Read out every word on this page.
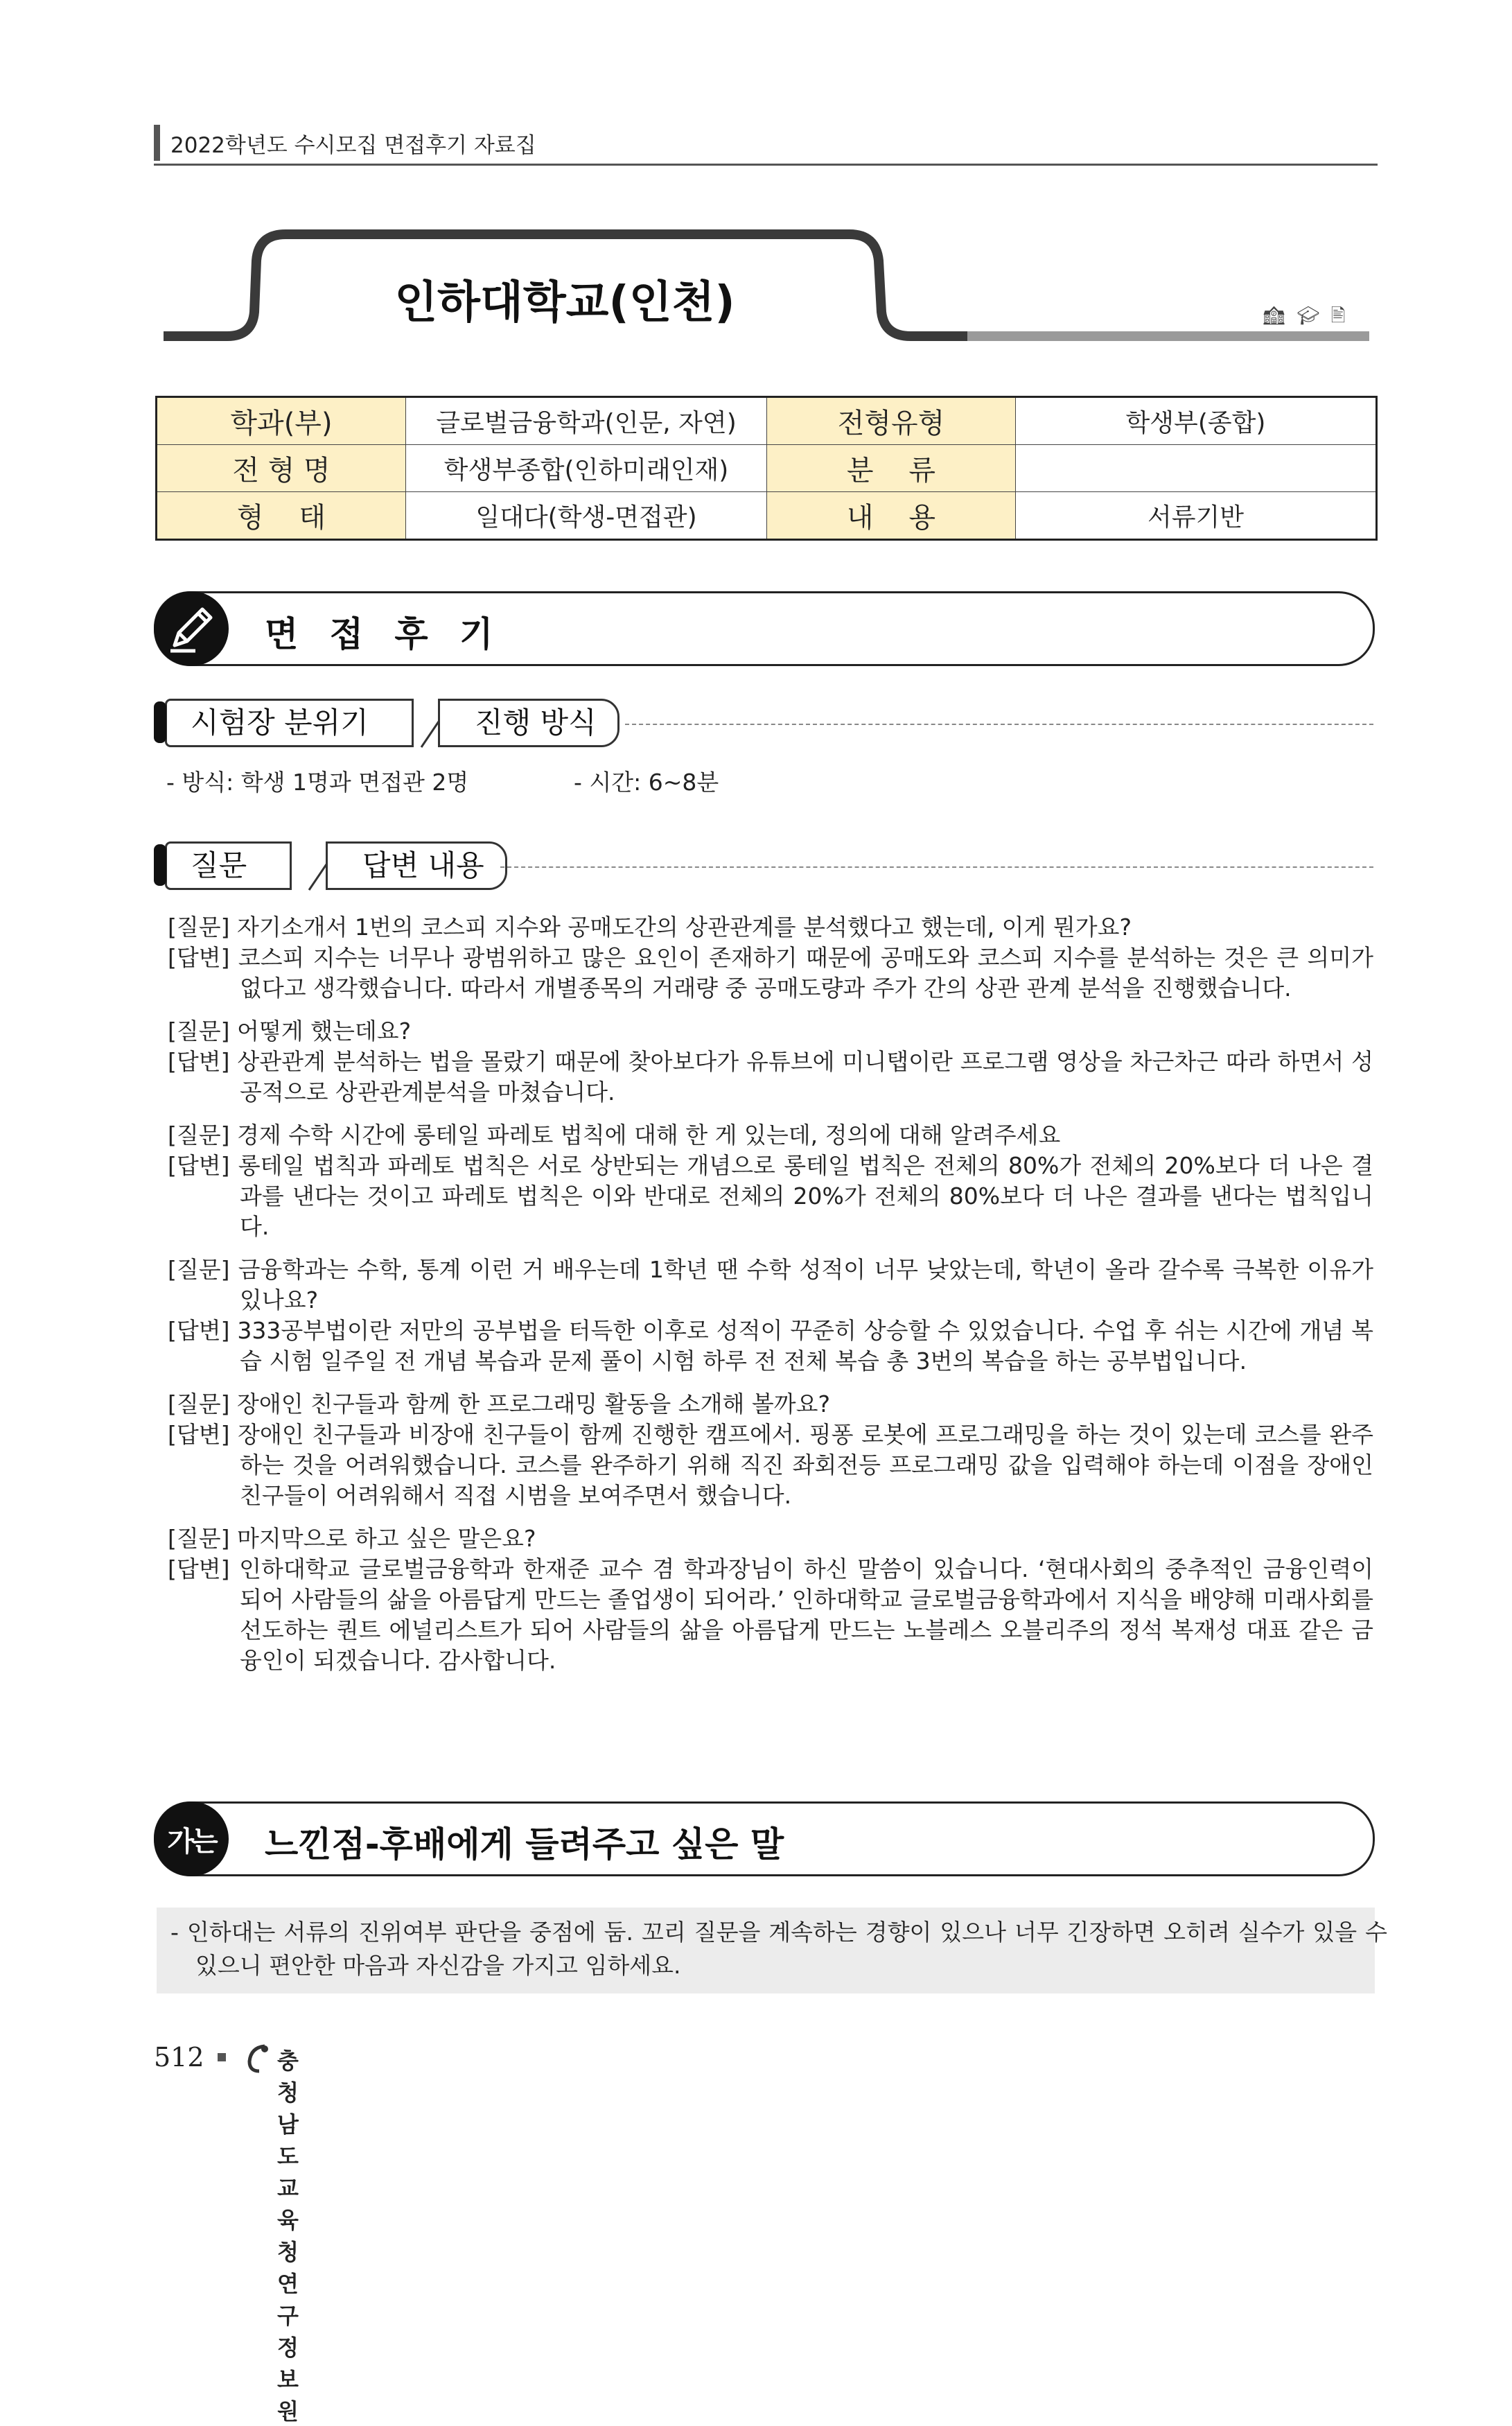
2022학년도 수시모집 면접후기 자료집
인하대학교(인천)	🏫︎ 🎓︎ 🖹
학과(부)	글로벌금융학과(인문, 자연)	전형유형	학생부(종합)
전 형 명	학생부종합(인하미래인재)	분    류	
형    태	일대다(학생-면접관)	내    용	서류기반
면 접 후 기
시험장 분위기	진행 방식
- 방식: 학생 1명과 면접관 2명	- 시간: 6~8분
질문	답변 내용

[질문] 자기소개서 1번의 코스피 지수와 공매도간의 상관관계를 분석했다고 했는데, 이게 뭔가요?

[답변] 코스피 지수는 너무나 광범위하고 많은 요인이 존재하기 때문에 공매도와 코스피 지수를 분석하는 것은 큰 의미가 없다고 생각했습니다. 따라서 개별종목의 거래량 중 공매도량과 주가 간의 상관 관계 분석을 진행했습니다.

[질문] 어떻게 했는데요?

[답변] 상관관계 분석하는 법을 몰랐기 때문에 찾아보다가 유튜브에 미니탭이란 프로그램 영상을 차근차근 따라 하면서 성공적으로 상관관계분석을 마쳤습니다.

[질문] 경제 수학 시간에 롱테일 파레토 법칙에 대해 한 게 있는데, 정의에 대해 알려주세요

[답변] 롱테일 법칙과 파레토 법칙은 서로 상반되는 개념으로 롱테일 법칙은 전체의 80%가 전체의 20%보다 더 나은 결과를 낸다는 것이고 파레토 법칙은 이와 반대로 전체의 20%가 전체의 80%보다 더 나은 결과를 낸다는 법칙입니다.

[질문] 금융학과는 수학, 통계 이런 거 배우는데 1학년 땐 수학 성적이 너무 낮았는데, 학년이 올라 갈수록 극복한 이유가 있나요?

[답변] 333공부법이란 저만의 공부법을 터득한 이후로 성적이 꾸준히 상승할 수 있었습니다. 수업 후 쉬는 시간에 개념 복습 시험 일주일 전 개념 복습과 문제 풀이 시험 하루 전 전체 복습 총 3번의 복습을 하는 공부법입니다.

[질문] 장애인 친구들과 함께 한 프로그래밍 활동을 소개해 볼까요?

[답변] 장애인 친구들과 비장애 친구들이 함께 진행한 캠프에서. 핑퐁 로봇에 프로그래밍을 하는 것이 있는데 코스를 완주하는 것을 어려워했습니다. 코스를 완주하기 위해 직진 좌회전등 프로그래밍 값을 입력해야 하는데 이점을 장애인 친구들이 어려워해서 직접 시범을 보여주면서 했습니다.

[질문] 마지막으로 하고 싶은 말은요?

[답변] 인하대학교 글로벌금융학과 한재준 교수 겸 학과장님이 하신 말씀이 있습니다. ‘현대사회의 중추적인 금융인력이 되어 사람들의 삶을 아름답게 만드는 졸업생이 되어라.’ 인하대학교 글로벌금융학과에서 지식을 배양해 미래사회를 선도하는 퀀트 에널리스트가 되어 사람들의 삶을 아름답게 만드는 노블레스 오블리주의 정석 복재성 대표 같은 금융인이 되겠습니다. 감사합니다.

가는	느낀점-후배에게 들려주고 싶은 말

- 인하대는 서류의 진위여부 판단을 중점에 둠. 꼬리 질문을 계속하는 경향이 있으나 너무 긴장하면 오히려 실수가 있을 수 있으니 편안한 마음과 자신감을 가지고 임하세요.

512	충청남도교육청연구정보원
